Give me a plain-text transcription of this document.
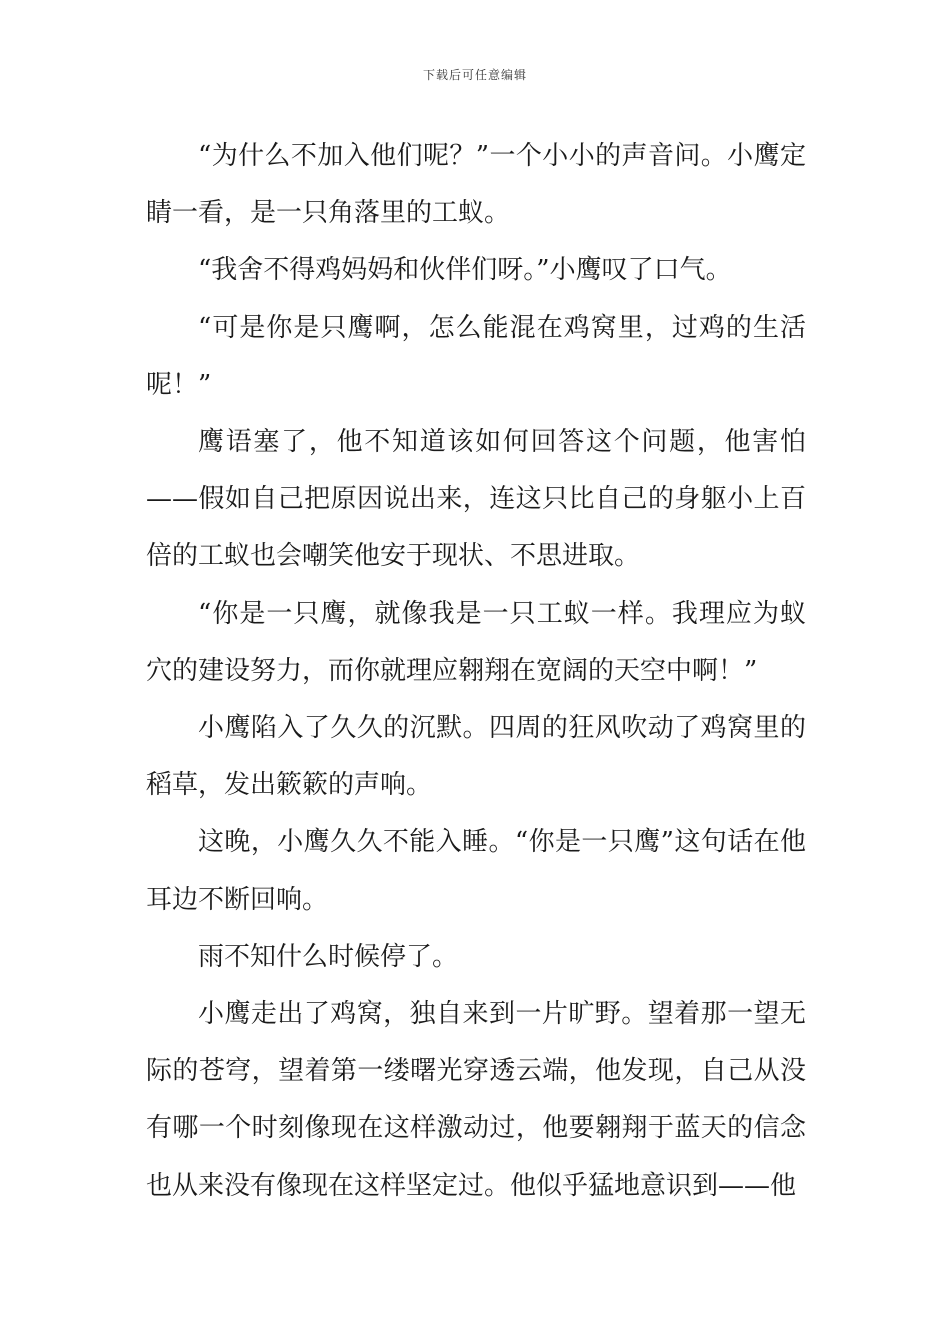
下载后可任意编辑

“为什么不加入他们呢？”一个小小的声音问。小鹰定睛一看，是一只角落里的工蚁。

“我舍不得鸡妈妈和伙伴们呀。”小鹰叹了口气。

“可是你是只鹰啊，怎么能混在鸡窝里，过鸡的生活呢！”

鹰语塞了，他不知道该如何回答这个问题，他害怕——假如自己把原因说出来，连这只比自己的身躯小上百倍的工蚁也会嘲笑他安于现状、不思进取。

“你是一只鹰，就像我是一只工蚁一样。我理应为蚁穴的建设努力，而你就理应翱翔在宽阔的天空中啊！”

小鹰陷入了久久的沉默。四周的狂风吹动了鸡窝里的稻草，发出簌簌的声响。

这晚，小鹰久久不能入睡。“你是一只鹰”这句话在他耳边不断回响。

雨不知什么时候停了。

小鹰走出了鸡窝，独自来到一片旷野。望着那一望无际的苍穹，望着第一缕曙光穿透云端，他发现，自己从没有哪一个时刻像现在这样激动过，他要翱翔于蓝天的信念也从来没有像现在这样坚定过。他似乎猛地意识到——他
